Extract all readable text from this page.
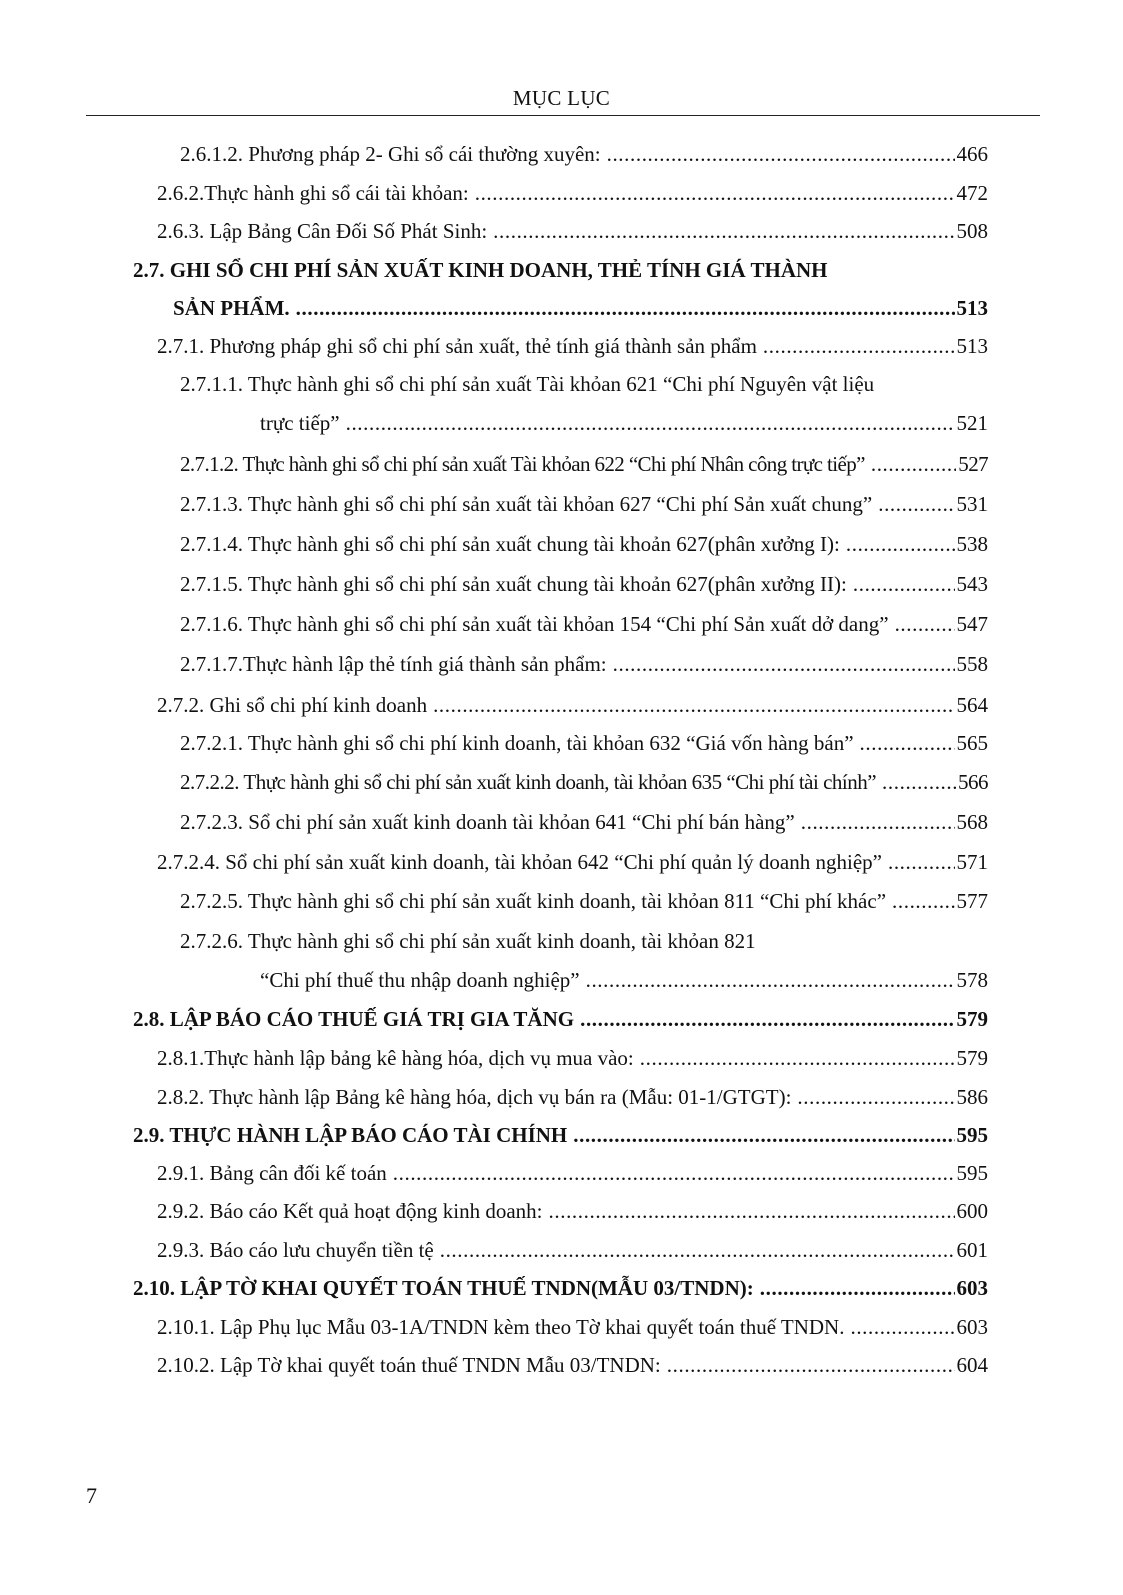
MỤC LỤC
2.6.1.2. Phương pháp 2- Ghi sổ cái thường xuyên: .....	466
2.6.2.Thực hành ghi sổ cái tài khỏan: .....	472
2.6.3. Lập Bảng Cân Đối Số Phát Sinh: .....	508
2.7. GHI SỔ CHI PHÍ SẢN XUẤT KINH DOANH, THẺ TÍNH GIÁ THÀNH
SẢN PHẨM. .....	513
2.7.1. Phương pháp ghi sổ chi phí sản xuất, thẻ tính giá thành sản phẩm .....	513
2.7.1.1. Thực hành ghi sổ chi phí sản xuất Tài khỏan 621 “Chi phí Nguyên vật liệu
trực tiếp” .....	521
2.7.1.2. Thực hành ghi sổ chi phí sản xuất Tài khỏan 622 “Chi phí Nhân công trực tiếp” .....	527
2.7.1.3. Thực hành ghi sổ chi phí sản xuất tài khỏan 627 “Chi phí Sản xuất chung” .....	531
2.7.1.4. Thực hành ghi sổ chi phí sản xuất chung tài khoản 627(phân xưởng I): .....	538
2.7.1.5. Thực hành ghi sổ chi phí sản xuất chung tài khoản 627(phân xưởng II): .....	543
2.7.1.6. Thực hành ghi sổ chi phí sản xuất tài khỏan 154 “Chi phí Sản xuất dở dang” .....	547
2.7.1.7.Thực hành lập thẻ tính giá thành sản phẩm: .....	558
2.7.2. Ghi sổ chi phí kinh doanh .....	564
2.7.2.1. Thực hành ghi sổ chi phí kinh doanh, tài khỏan 632 “Giá vốn hàng bán” .....	565
2.7.2.2. Thực hành ghi sổ chi phí sản xuất kinh doanh, tài khỏan 635 “Chi phí tài chính” .....	566
2.7.2.3. Sổ chi phí sản xuất kinh doanh tài khỏan 641 “Chi phí bán hàng” .....	568
2.7.2.4. Sổ chi phí sản xuất kinh doanh, tài khỏan 642 “Chi phí quản lý doanh nghiệp” .....	571
2.7.2.5. Thực hành ghi sổ chi phí sản xuất kinh doanh, tài khỏan 811 “Chi phí khác” .....	577
2.7.2.6. Thực hành ghi sổ chi phí sản xuất kinh doanh, tài khỏan 821
“Chi phí thuế thu nhập doanh nghiệp” .....	578
2.8. LẬP BÁO CÁO THUẾ GIÁ TRỊ GIA TĂNG .....	579
2.8.1.Thực hành lập bảng kê hàng hóa, dịch vụ mua vào: .....	579
2.8.2. Thực hành lập Bảng kê hàng hóa, dịch vụ bán ra (Mẫu: 01-1/GTGT): .....	586
2.9. THỰC HÀNH LẬP BÁO CÁO TÀI CHÍNH .....	595
2.9.1. Bảng cân đối kế toán .....	595
2.9.2. Báo cáo Kết quả hoạt động kinh doanh: .....	600
2.9.3. Báo cáo lưu chuyển tiền tệ .....	601
2.10. LẬP TỜ KHAI QUYẾT TOÁN THUẾ TNDN(MẪU 03/TNDN): .....	603
2.10.1. Lập Phụ lục Mẫu 03-1A/TNDN kèm theo Tờ khai quyết toán thuế TNDN. .....	603
2.10.2. Lập Tờ khai quyết toán thuế TNDN Mẫu 03/TNDN: .....	604
7
